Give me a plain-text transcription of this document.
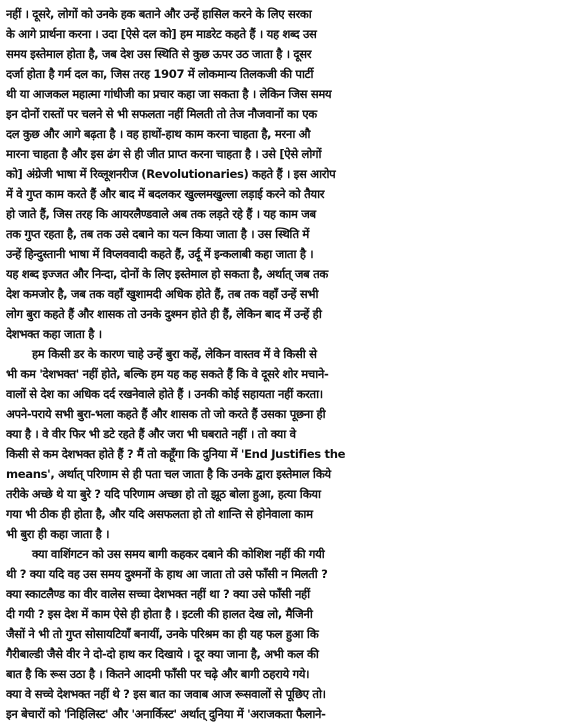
नहीं । दूसरे, लोगों को उनके हक बताने और उन्हें हासिल करने के लिए सरका
के आगे प्रार्थना करना । उदा [ऐसे दल को] हम माडरेट कहते हैं । यह शब्द उस
समय इस्तेमाल होता है, जब देश उस स्थिति से कुछ ऊपर उठ जाता है । दूसर
दर्जा होता है गर्म दल का, जिस तरह 1907 में लोकमान्य तिलकजी की पार्टी
थी या आजकल महात्मा गांधीजी का प्रचार कहा जा सकता है । लेकिन जिस समय
इन दोनों रास्तों पर चलने से भी सफलता नहीं मिलती तो तेज नौजवानों का एक
दल कुछ और आगे बढ़ता है । वह हाथों-हाथ काम करना चाहता है, मरना औ
मारना चाहता है और इस ढंग से ही जीत प्राप्त करना चाहता है । उसे [ऐसे लोगों
को] अंग्रेजी भाषा में रिव्लूशनरीज (Revolutionaries) कहते हैं । इस आरोप
में वे गुप्त काम करते हैं और बाद में बदलकर खुल्लमखुल्ला लड़ाई करने को तैयार
हो जाते हैं, जिस तरह कि आयरलैण्डवाले अब तक लड़ते रहे हैं । यह काम जब
तक गुप्त रहता है, तब तक उसे दबाने का यत्न किया जाता है । उस स्थिति में
उन्हें हिन्दुस्तानी भाषा में विप्लववादी कहते हैं, उर्दू में इन्कलाबी कहा जाता है ।
यह शब्द इज्जत और निन्दा, दोनों के लिए इस्तेमाल हो सकता है, अर्थात् जब तक
देश कमजोर है, जब तक वहाँ खुशामदी अधिक होते हैं, तब तक वहाँ उन्हें सभी
लोग बुरा कहते हैं और शासक तो उनके दुश्मन होते ही हैं, लेकिन बाद में उन्हें ही
देशभक्त कहा जाता है ।
हम किसी डर के कारण चाहे उन्हें बुरा कहें, लेकिन वास्तव में वे किसी से
भी कम 'देशभक्त' नहीं होते, बल्कि हम यह कह सकते हैं कि वे दूसरे शोर मचाने-
वालों से देश का अधिक दर्द रखनेवाले होते हैं । उनकी कोई सहायता नहीं करता।
अपने-पराये सभी बुरा-भला कहते हैं और शासक तो जो करते हैं उसका पूछना ही
क्या है । वे वीर फिर भी डटे रहते हैं और जरा भी घबराते नहीं । तो क्या वे
किसी से कम देशभक्त होते हैं ? मैं तो कहूँगा कि दुनिया में 'End Justifies the
means', अर्थात् परिणाम से ही पता चल जाता है कि उनके द्वारा इस्तेमाल किये
तरीके अच्छे थे या बुरे ? यदि परिणाम अच्छा हो तो झूठ बोला हुआ, हत्या किया
गया भी ठीक ही होता है, और यदि असफलता हो तो शान्ति से होनेवाला काम
भी बुरा ही कहा जाता है ।
क्या वाशिंगटन को उस समय बागी कहकर दबाने की कोशिश नहीं की गयी
थी ? क्या यदि वह उस समय दुश्मनों के हाथ आ जाता तो उसे फाँसी न मिलती ?
क्या स्काटलैण्ड का वीर वालेस सच्चा देशभक्त नहीं था ? क्या उसे फाँसी नहीं
दी गयी ? इस देश में काम ऐसे ही होता है । इटली की हालत देख लो, मैजिनी
जैसों ने भी तो गुप्त सोसायटियाँ बनायीं, उनके परिश्रम का ही यह फल हुआ कि
गैरीबाल्डी जैसे वीर ने दो-दो हाथ कर दिखाये । दूर क्या जाना है, अभी कल की
बात है कि रूस उठा है । कितने आदमी फाँसी पर चढ़े और बागी ठहराये गये।
क्या वे सच्चे देशभक्त नहीं थे ? इस बात का जवाब आज रूसवालों से पूछिए तो।
इन बेचारों को 'निहिलिस्ट' और 'अनार्किस्ट' अर्थात् दुनिया में 'अराजकता फैलाने-
